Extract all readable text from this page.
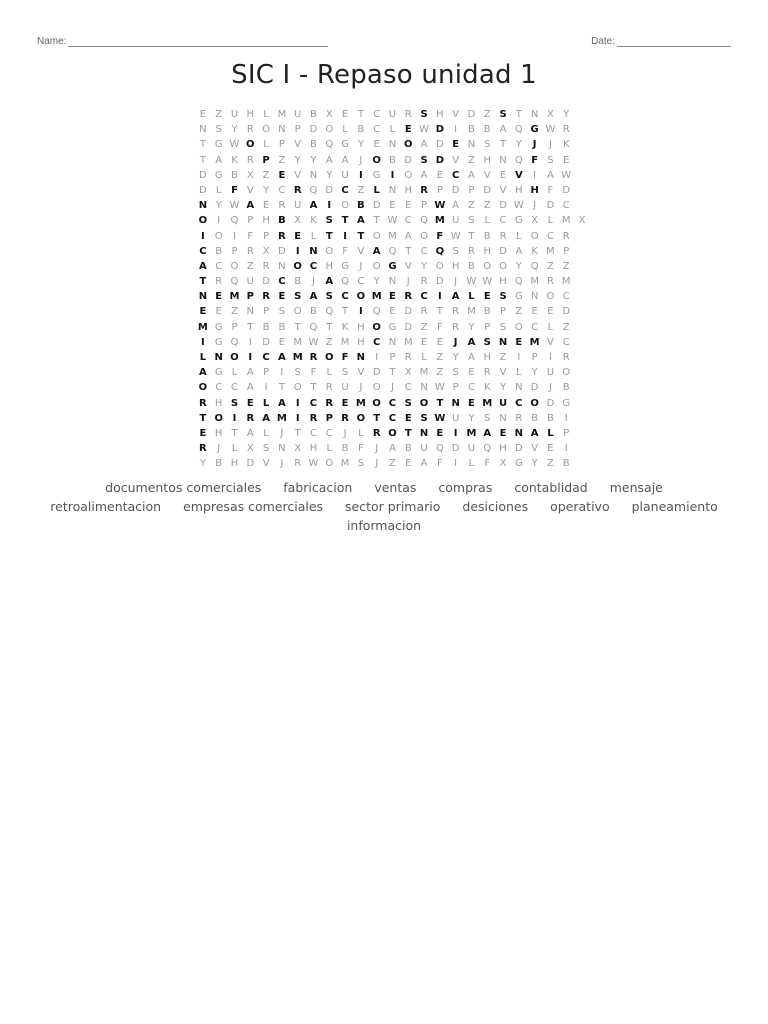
Name:	Date:
SIC I - Repaso unidad 1
E Z U H L M U B X E T C U R S H V D Z S T N X Y
N S Y R O N P D O L B C L E W D	I	B B A Q G W R
T G W O L P V B Q G Y E N O A D E N S T Y	J	J	K
T A K R P Z Y Y A A	J	O B D S D V Z H N Q F S E
D G B X Z E V N Y U	I	G	I O A E C A V E V	I	A W
D L F V Y C R Q D C Z L N H R P D P D V H H F D
N Y W A E R U A	I O B D E E P W A Z Z D W J	D C
O	I	Q P H B X K S T A T W C Q M U S L C G X L M X
I O	I	F P R E L T	I	T O M A O F W T B R L O C R
C B P R X D	I N O F V A Q T C Q S R H D A K M P
A C O Z R N O C H G	J	O G V Y O H B O O Y Q Z Z
T R Q U D C B	J	A Q C Y N	J	R D	J W W H Q M R M
N E M P R E S A S C O M E R C	I	A L E S G N O C
E E Z N P S O B Q T	I Q E D R T R M B P Z E E D
M G P T B B T Q T K H O G D Z F R Y P S O C L Z
I	G Q	I	D E M W Z M H C N M E E	J	A S N E M V C
L N O I	C A M R O F N	I	P R L Z Y A H Z	I	P	I	R
A G L A P	I	S F	L S V D T X M Z S E R V L Y U O
O C C A	I	T O T R U	J	O	J	C N W P C K Y N D	J	B
R H S E L A	I	C R E M O C S O T N E M U C O D G
T O I	R A M I	R P R O T C E S W U Y S N R B B	I
E H T A L	J	T C C	J	L R O T N E	I M A E N A L P
R	J	L X S N X H L B F	J	A B U Q D U Q H D V E	I
Y B H D V	J	R W O M S	J	Z E A F	I	L	F X G Y Z B
documentos comerciales fabricacion ventas compras contablidad mensaje retroalimentacion empresas comerciales sector primario desiciones operativo planeamiento informacion
